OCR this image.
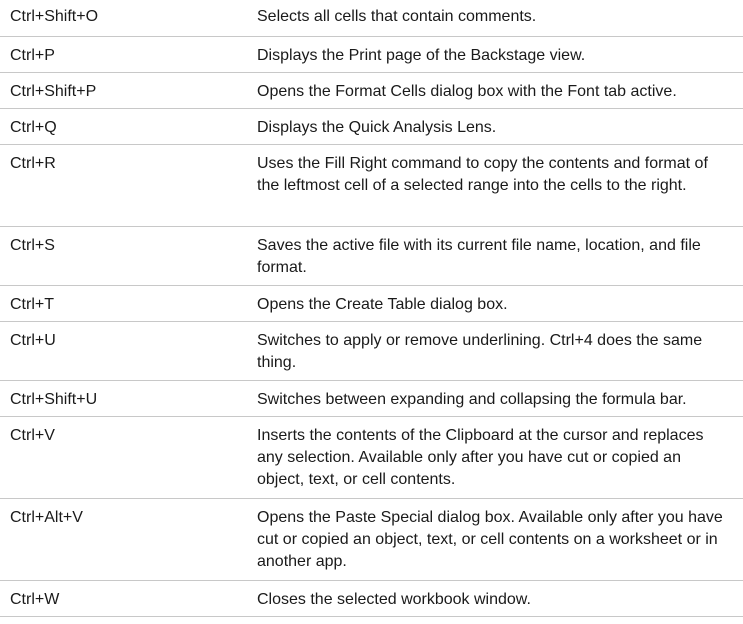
Ctrl+Shift+O	Selects all cells that contain comments.
Ctrl+P	Displays the Print page of the Backstage view.
Ctrl+Shift+P	Opens the Format Cells dialog box with the Font tab active.
Ctrl+Q	Displays the Quick Analysis Lens.
Ctrl+R	Uses the Fill Right command to copy the contents and format of the leftmost cell of a selected range into the cells to the right.
Ctrl+S	Saves the active file with its current file name, location, and file format.
Ctrl+T	Opens the Create Table dialog box.
Ctrl+U	Switches to apply or remove underlining. Ctrl+4 does the same thing.
Ctrl+Shift+U	Switches between expanding and collapsing the formula bar.
Ctrl+V	Inserts the contents of the Clipboard at the cursor and replaces any selection. Available only after you have cut or copied an object, text, or cell contents.
Ctrl+Alt+V	Opens the Paste Special dialog box. Available only after you have cut or copied an object, text, or cell contents on a worksheet or in another app.
Ctrl+W	Closes the selected workbook window.
